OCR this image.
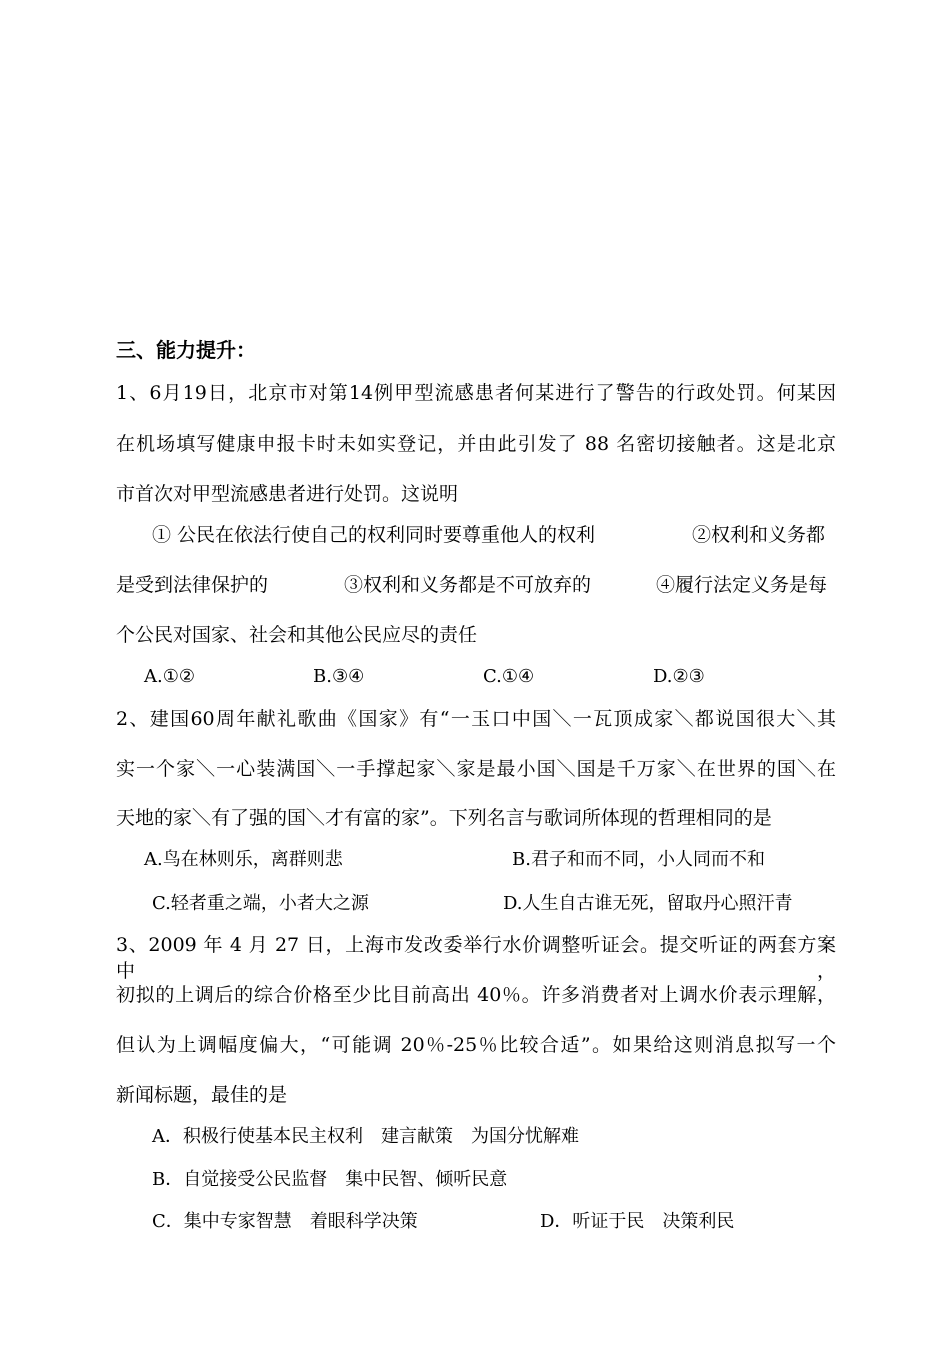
三、能力提升：
1、6月19日，北京市对第14例甲型流感患者何某进行了警告的行政处罚。何某因
在机场填写健康申报卡时未如实登记，并由此引发了 88 名密切接触者。这是北京
市首次对甲型流感患者进行处罚。这说明
① 公民在依法行使自己的权利同时要尊重他人的权利	②权利和义务都
是受到法律保护的	③权利和义务都是不可放弃的	④履行法定义务是每
个公民对国家、社会和其他公民应尽的责任
A.①②	B.③④	C.①④	D.②③
2、建国60周年献礼歌曲《国家》有“一玉口中国＼一瓦顶成家＼都说国很大＼其
实一个家＼一心装满国＼一手撑起家＼家是最小国＼国是千万家＼在世界的国＼在
天地的家＼有了强的国＼才有富的家”。下列名言与歌词所体现的哲理相同的是
A.鸟在林则乐，离群则悲	B.君子和而不同，小人同而不和
C.轻者重之端，小者大之源	D.人生自古谁无死，留取丹心照汗青
3、2009 年 4 月 27 日，上海市发改委举行水价调整听证会。提交听证的两套方案中，
初拟的上调后的综合价格至少比目前高出 40％。许多消费者对上调水价表示理解，
但认为上调幅度偏大，“可能调 20％-25％比较合适”。如果给这则消息拟写一个
新闻标题，最佳的是
A．积极行使基本民主权利　建言献策　为国分忧解难
B．自觉接受公民监督　集中民智、倾听民意
C．集中专家智慧　着眼科学决策	D．听证于民　决策利民
